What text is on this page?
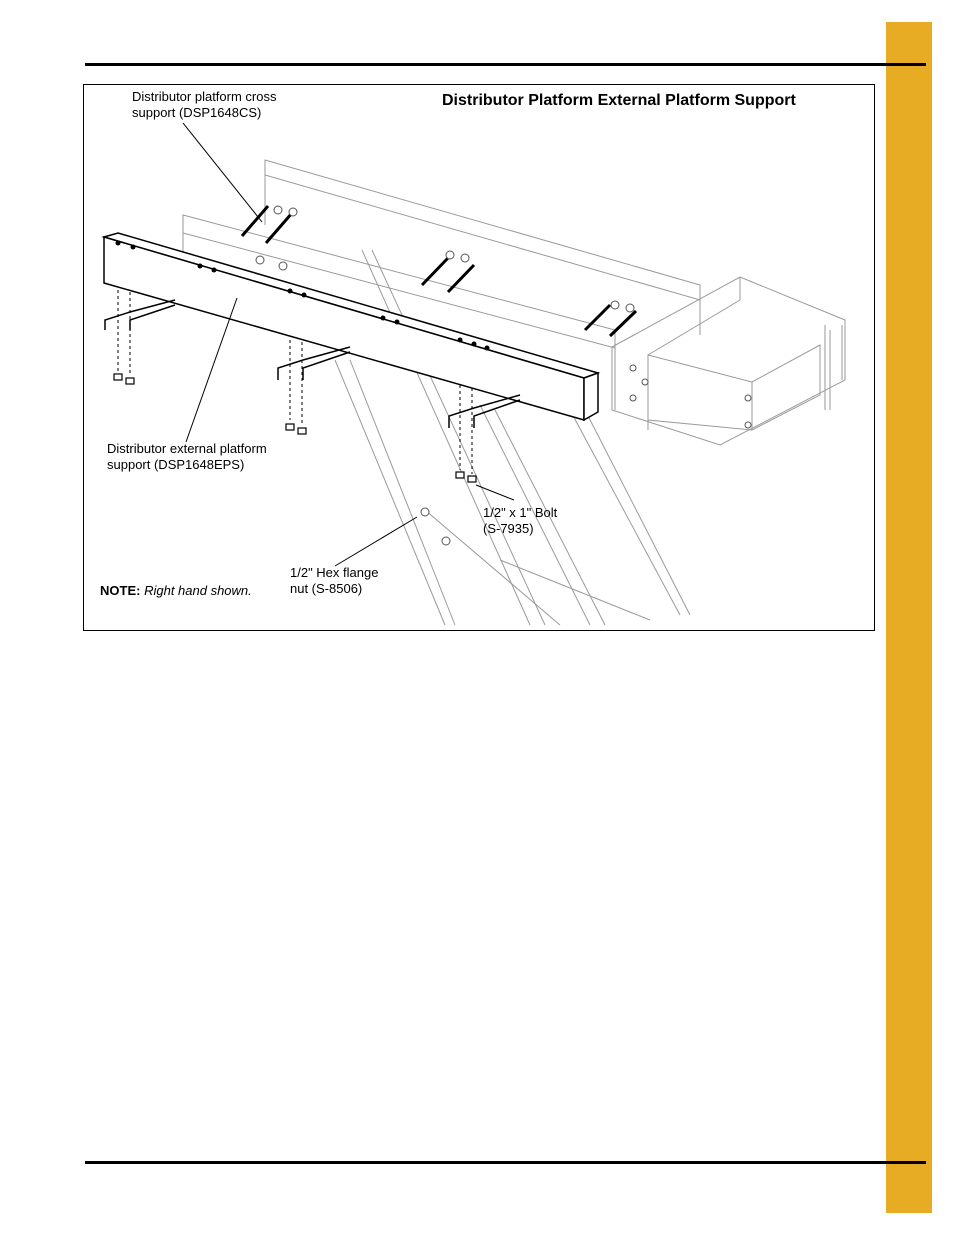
Distributor Platform External Platform Support
Distributor platform cross
support (DSP1648CS)
Distributor external platform
support (DSP1648EPS)
1/2" x 1" Bolt
(S-7935)
1/2" Hex flange
nut (S-8506)
NOTE: Right hand shown.
